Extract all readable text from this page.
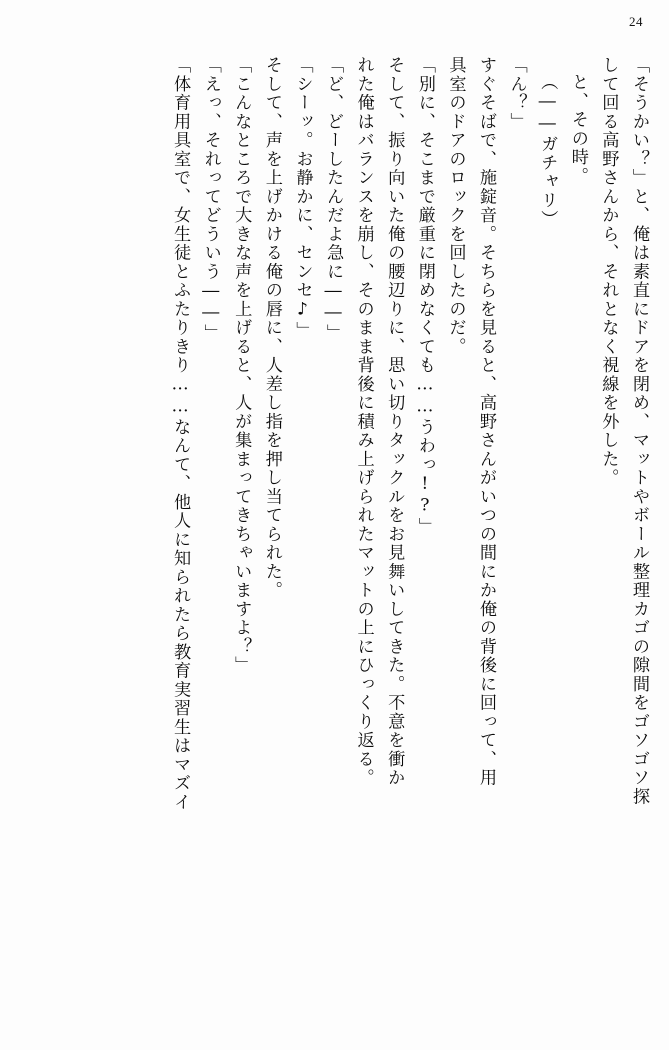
24
「そうかい？」と、俺は素直にドアを閉め、マットやボール整理カゴの隙間をゴソゴソ探
して回る高野さんから、それとなく視線を外した。
と、その時。
（――ガチャリ）
「ん？」
すぐそばで、施錠音。そちらを見ると、高野さんがいつの間にか俺の背後に回って、用
具室のドアのロックを回したのだ。
「別に、そこまで厳重に閉めなくても……うわっ!?」
そして、振り向いた俺の腰辺りに、思い切りタックルをお見舞いしてきた。不意を衝か
れた俺はバランスを崩し、そのまま背後に積み上げられたマットの上にひっくり返る。
「ど、どーしたんだよ急に――」
「シーッ。お静かに、センセ♪」
そして、声を上げかける俺の唇に、人差し指を押し当てられた。
「こんなところで大きな声を上げると、人が集まってきちゃいますよ？」
「えっ、それってどういう――」
「体育用具室で、女生徒とふたりきり……なんて、他人に知られたら教育実習生はマズイ
